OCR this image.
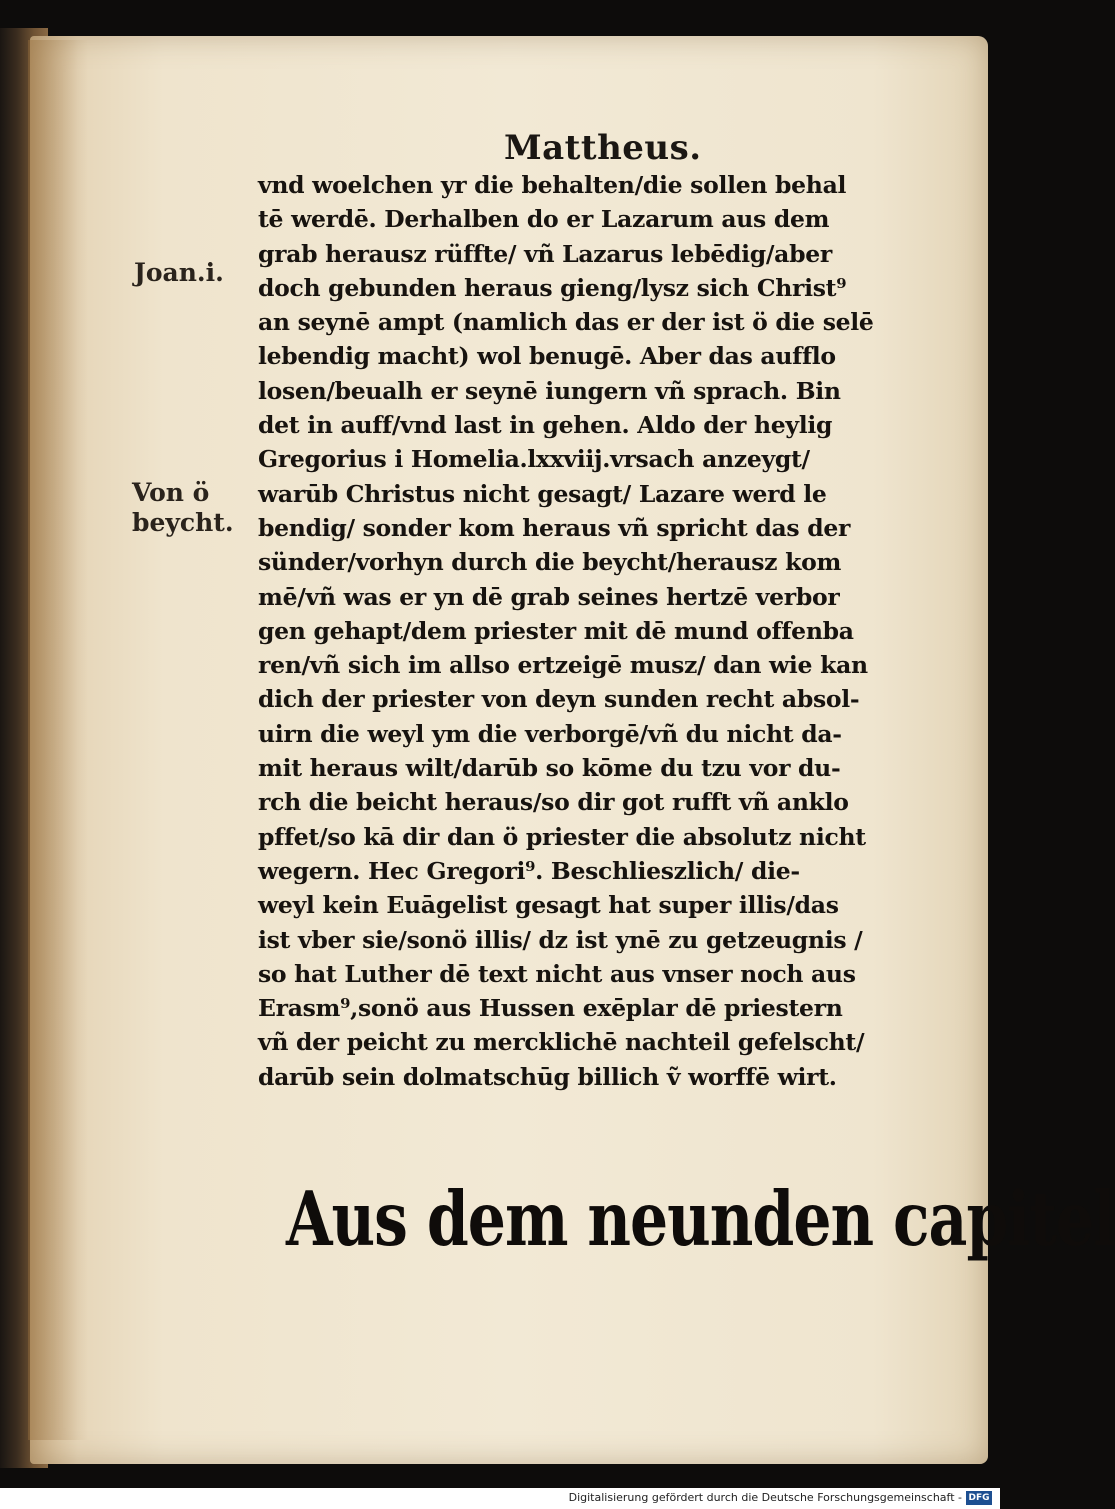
Mattheus.
Joan.i.
Von ö
beycht.
vnd woelchen yr die behalten/die sollen behal
tē werdē. Derhalben do er Lazarum aus dem
grab herausz rüffte/ vñ Lazarus lebēdig/aber
doch gebunden heraus gieng/lysz sich Christ⁹
an seynē ampt (namlich das er der ist ö die selē
lebendig macht) wol benugē. Aber das aufflo
losen/beualh er seynē iungern vñ sprach. Bin
det in auff/vnd last in gehen. Aldo der heylig
Gregorius i Homelia.lxxviij.vrsach anzeygt/
warūb Christus nicht gesagt/ Lazare werd le
bendig/ sonder kom heraus vñ spricht das der
sünder/vorhyn durch die beycht/herausz kom
mē/vñ was er yn dē grab seines hertzē verbor
gen gehapt/dem priester mit dē mund offenba
ren/vñ sich im allso ertzeigē musz/ dan wie kan
dich der priester von deyn sunden recht absol-
uirn die weyl ym die verborgē/vñ du nicht da-
mit heraus wilt/darūb so kōme du tzu vor du-
rch die beicht heraus/so dir got rufft vñ anklo
pffet/so kā dir dan ö priester die absolutz nicht
wegern. Hec Gregori⁹. Beschlieszlich/ die-
weyl kein Euāgelist gesagt hat super illis/das
ist vber sie/sonö illis/ dz ist ynē zu getzeugnis /
so hat Luther dē text nicht aus vnser noch aus
Erasm⁹,sonö aus Hussen exēplar dē priestern
vñ der peicht zu mercklichē nachteil gefelscht/
darūb sein dolmatschūg billich ṽ worffē wirt.
Aus dem neunden capitel
Digitalisierung gefördert durch die Deutsche Forschungsgemeinschaft - DFG
